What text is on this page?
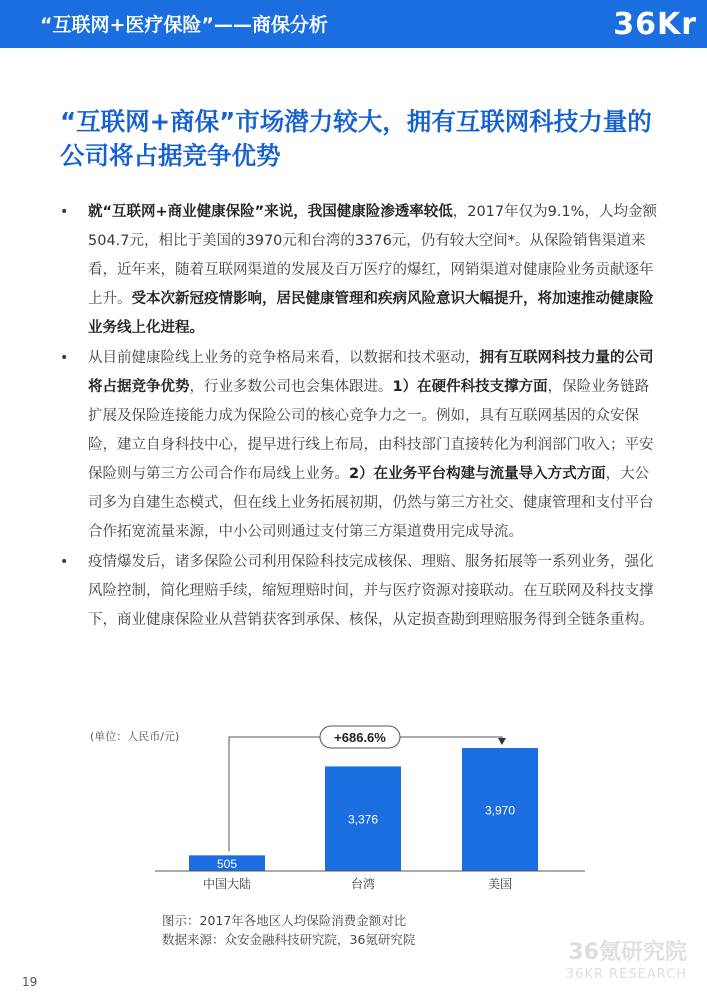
“互联网+医疗保险”——商保分析	36Kr
“互联网+商保”市场潜力较大，拥有互联网科技力量的公司将占据竞争优势
• 就“互联网+商业健康保险”来说，我国健康险渗透率较低，2017年仅为9.1%，人均金额504.7元，相比于美国的3970元和台湾的3376元，仍有较大空间*。从保险销售渠道来看，近年来，随着互联网渠道的发展及百万医疗的爆红，网销渠道对健康险业务贡献逐年上升。受本次新冠疫情影响，居民健康管理和疾病风险意识大幅提升，将加速推动健康险业务线上化进程。
• 从目前健康险线上业务的竞争格局来看，以数据和技术驱动，拥有互联网科技力量的公司将占据竞争优势，行业多数公司也会集体跟进。1）在硬件科技支撑方面，保险业务链路扩展及保险连接能力成为保险公司的核心竞争力之一。例如，具有互联网基因的众安保险，建立自身科技中心，提早进行线上布局，由科技部门直接转化为利润部门收入；平安保险则与第三方公司合作布局线上业务。2）在业务平台构建与流量导入方式方面，大公司多为自建生态模式，但在线上业务拓展初期，仍然与第三方社交、健康管理和支付平台合作拓宽流量来源，中小公司则通过支付第三方渠道费用完成导流。
• 疫情爆发后，诸多保险公司利用保险科技完成核保、理赔、服务拓展等一系列业务，强化风险控制，简化理赔手续，缩短理赔时间，并与医疗资源对接联动。在互联网及科技支撑下，商业健康保险业从营销获客到承保、核保，从定损查勘到理赔服务得到全链条重构。
(单位：人民币/元)
505
中国大陆
3,376
台湾
3,970
美国
+686.6%
图示：2017年各地区人均保险消费金额对比
数据来源：众安金融科技研究院，36氪研究院
19
36氪研究院
36KR RESEARCH
